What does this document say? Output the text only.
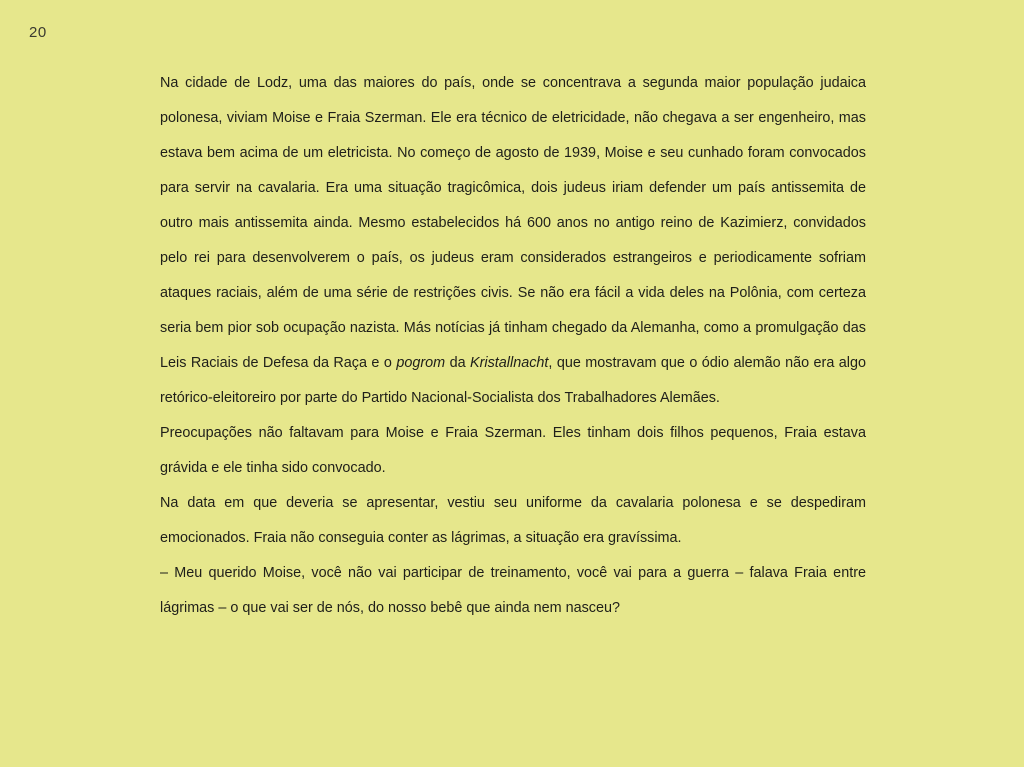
20

Na cidade de Lodz, uma das maiores do país, onde se concentrava a segunda maior população judaica polonesa, viviam Moise e Fraia Szerman. Ele era técnico de eletricidade, não chegava a ser engenheiro, mas estava bem acima de um eletricista. No começo de agosto de 1939, Moise e seu cunhado foram convocados para servir na cavalaria. Era uma situação tragicômica, dois judeus iriam defender um país antissemita de outro mais antissemita ainda. Mesmo estabelecidos há 600 anos no antigo reino de Kazimierz, convidados pelo rei para desenvolverem o país, os judeus eram considerados estrangeiros e periodicamente sofriam ataques raciais, além de uma série de restrições civis. Se não era fácil a vida deles na Polônia, com certeza seria bem pior sob ocupação nazista. Más notícias já tinham chegado da Alemanha, como a promulgação das Leis Raciais de Defesa da Raça e o pogrom da Kristallnacht, que mostravam que o ódio alemão não era algo retórico-eleitoreiro por parte do Partido Nacional-Socialista dos Trabalhadores Alemães.

Preocupações não faltavam para Moise e Fraia Szerman. Eles tinham dois filhos pequenos, Fraia estava grávida e ele tinha sido convocado.

Na data em que deveria se apresentar, vestiu seu uniforme da cavalaria polonesa e se despediram emocionados. Fraia não conseguia conter as lágrimas, a situação era gravíssima.

– Meu querido Moise, você não vai participar de treinamento, você vai para a guerra – falava Fraia entre lágrimas – o que vai ser de nós, do nosso bebê que ainda nem nasceu?
